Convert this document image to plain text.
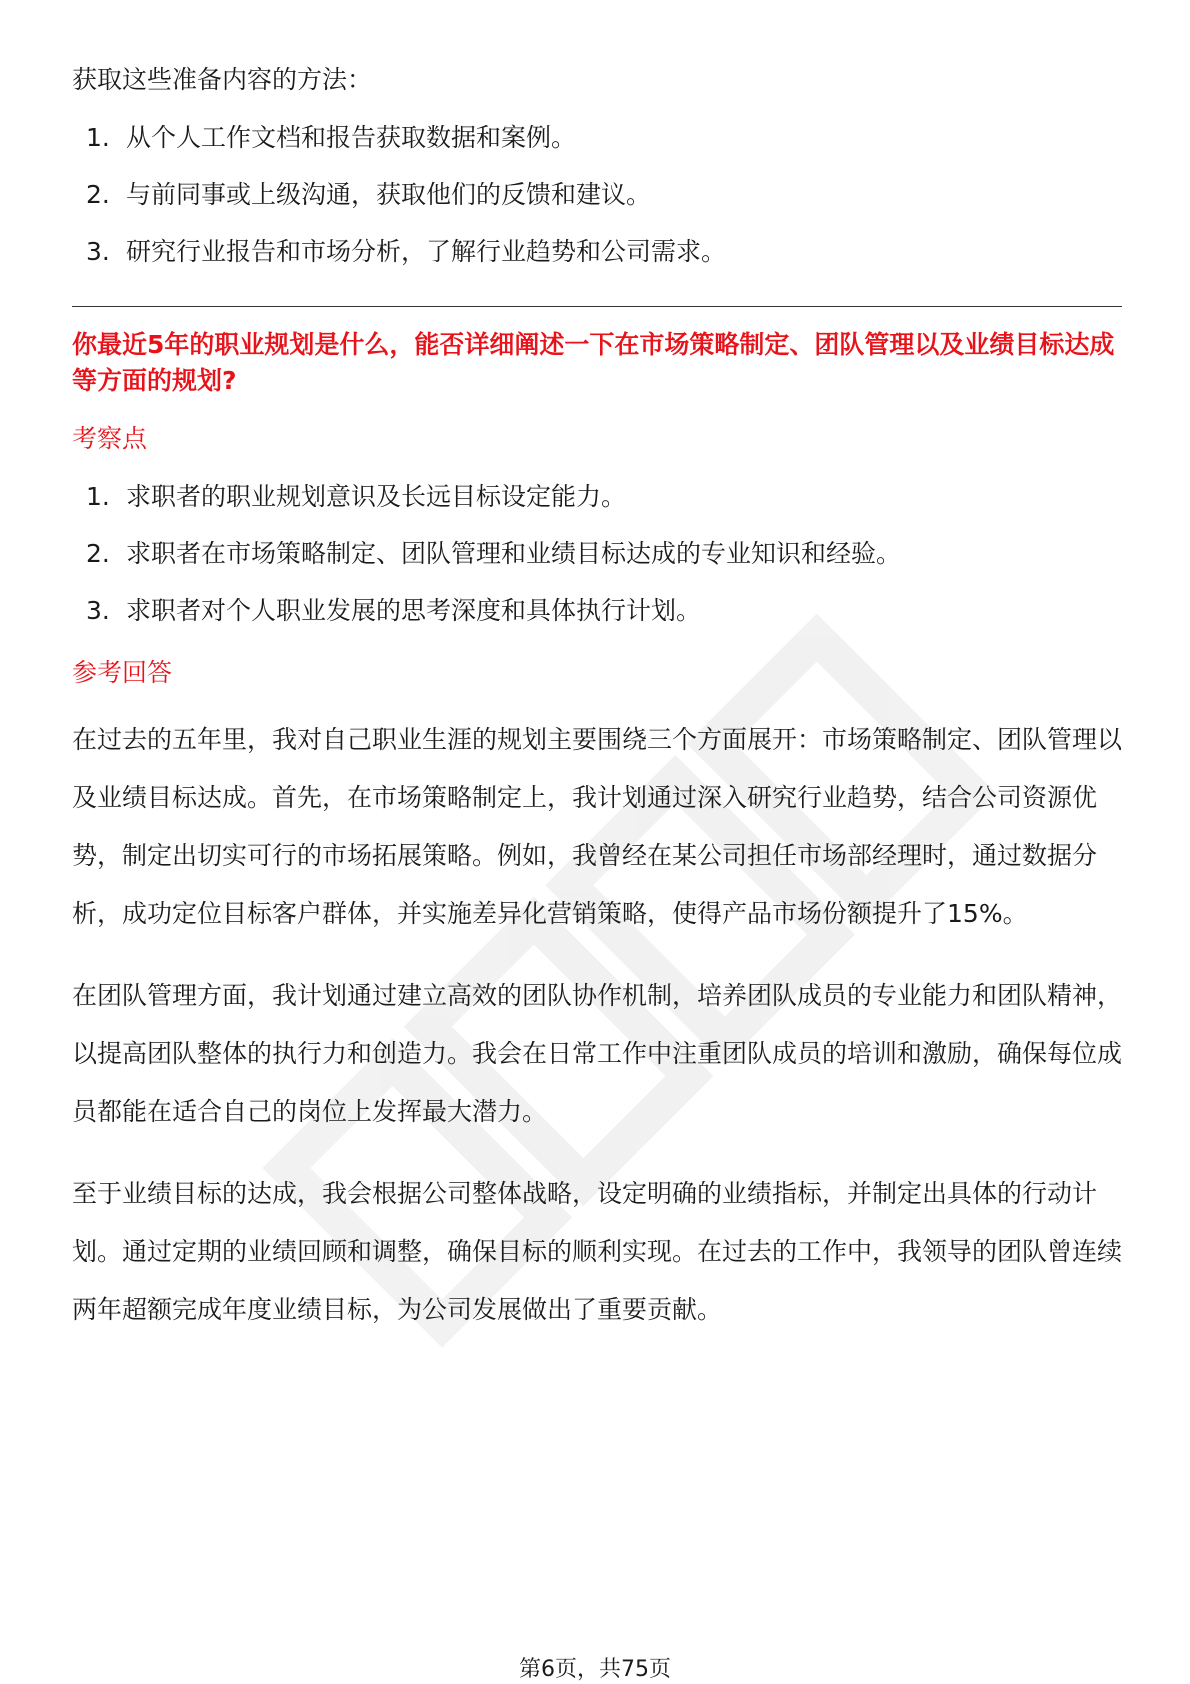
获取这些准备内容的方法：

1. 从个人工作文档和报告获取数据和案例。
2. 与前同事或上级沟通，获取他们的反馈和建议。
3. 研究行业报告和市场分析，了解行业趋势和公司需求。

你最近5年的职业规划是什么，能否详细阐述一下在市场策略制定、团队管理以及业绩目标达成等方面的规划?

考察点

1. 求职者的职业规划意识及长远目标设定能力。
2. 求职者在市场策略制定、团队管理和业绩目标达成的专业知识和经验。
3. 求职者对个人职业发展的思考深度和具体执行计划。

参考回答

在过去的五年里，我对自己职业生涯的规划主要围绕三个方面展开：市场策略制定、团队管理以及业绩目标达成。首先，在市场策略制定上，我计划通过深入研究行业趋势，结合公司资源优势，制定出切实可行的市场拓展策略。例如，我曾经在某公司担任市场部经理时，通过数据分析，成功定位目标客户群体，并实施差异化营销策略，使得产品市场份额提升了15%。

在团队管理方面，我计划通过建立高效的团队协作机制，培养团队成员的专业能力和团队精神，以提高团队整体的执行力和创造力。我会在日常工作中注重团队成员的培训和激励，确保每位成员都能在适合自己的岗位上发挥最大潜力。

至于业绩目标的达成，我会根据公司整体战略，设定明确的业绩指标，并制定出具体的行动计划。通过定期的业绩回顾和调整，确保目标的顺利实现。在过去的工作中，我领导的团队曾连续两年超额完成年度业绩目标，为公司发展做出了重要贡献。

第6页，共75页
